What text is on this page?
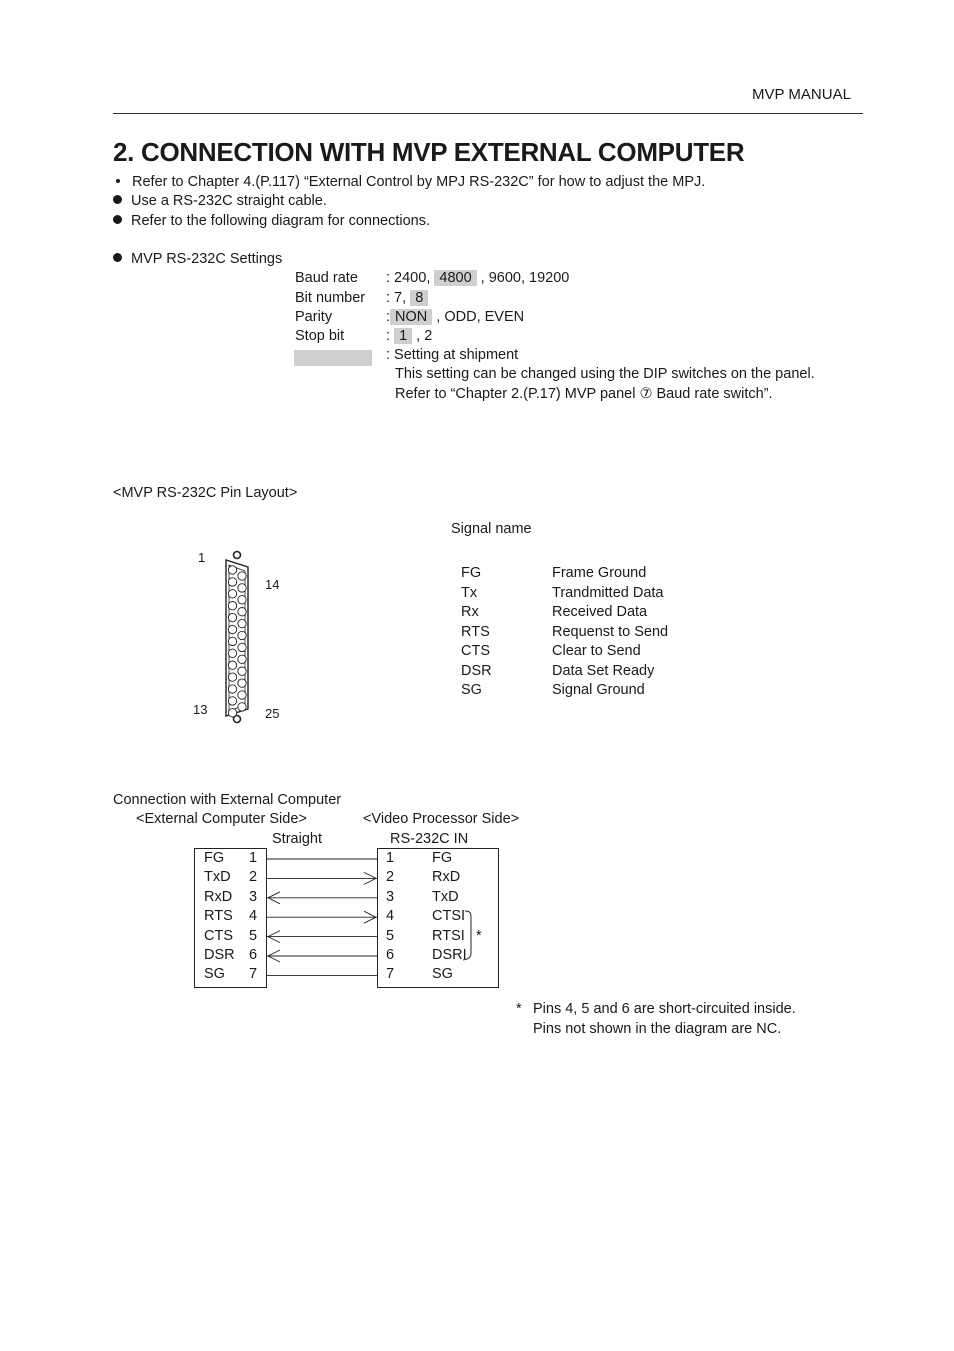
MVP MANUAL
2. CONNECTION WITH MVP EXTERNAL COMPUTER
Refer to Chapter 4.(P.117) “External Control by MPJ RS-232C” for how to adjust the MPJ.
Use a RS-232C straight cable.
Refer to the following diagram for connections.
MVP RS-232C Settings
Baud rate : 2400, 4800 , 9600, 19200
Bit number : 7, 8
Parity	: NON , ODD, EVEN
Stop bit	: 1 , 2
: Setting at shipment
This setting can be changed using the DIP switches on the panel.
Refer to “Chapter 2.(P.17) MVP panel ⑦ Baud rate switch”.
<MVP RS-232C Pin Layout>
Signal name
1
14
13	25
FG	Frame Ground
Tx	Trandmitted Data
Rx	Received Data
RTS	Requenst to Send
CTS	Clear to Send
DSR	Data Set Ready
SG	Signal Ground
Connection with External Computer
<External Computer Side>	<Video Processor Side>
Straight	RS-232C IN
FG 1
TxD 2
RxD 3
RTS 4
CTS 5
DSR 6
SG 7
1	FG
2	RxD
3	TxD
4	CTSI
5	RTSI
6	DSRI
7	SG
*
* Pins 4, 5 and 6 are short-circuited inside.
Pins not shown in the diagram are NC.
